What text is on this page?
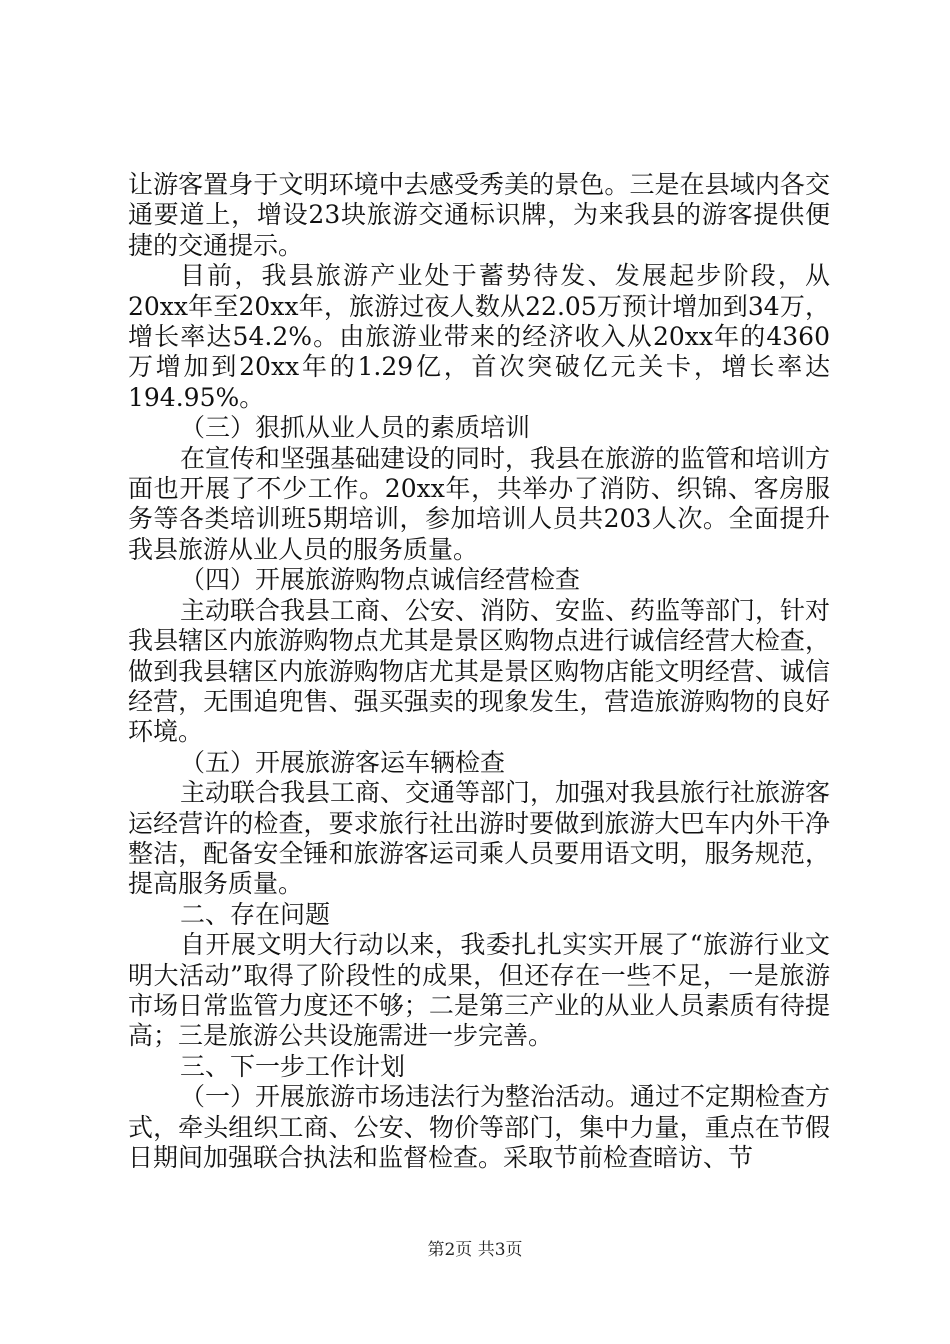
让游客置身于文明环境中去感受秀美的景色。三是在县域内各交通要道上，增设23块旅游交通标识牌，为来我县的游客提供便捷的交通提示。

目前，我县旅游产业处于蓄势待发、发展起步阶段，从20xx年至20xx年，旅游过夜人数从22.05万预计增加到34万，增长率达54.2%。由旅游业带来的经济收入从20xx年的4360万增加到20xx年的1.29亿，首次突破亿元关卡，增长率达194.95%。

（三）狠抓从业人员的素质培训

在宣传和坚强基础建设的同时，我县在旅游的监管和培训方面也开展了不少工作。20xx年，共举办了消防、织锦、客房服务等各类培训班5期培训，参加培训人员共203人次。全面提升我县旅游从业人员的服务质量。

（四）开展旅游购物点诚信经营检查

主动联合我县工商、公安、消防、安监、药监等部门，针对我县辖区内旅游购物点尤其是景区购物点进行诚信经营大检查，做到我县辖区内旅游购物店尤其是景区购物店能文明经营、诚信经营，无围追兜售、强买强卖的现象发生，营造旅游购物的良好环境。

（五）开展旅游客运车辆检查

主动联合我县工商、交通等部门，加强对我县旅行社旅游客运经营许的检查，要求旅行社出游时要做到旅游大巴车内外干净整洁，配备安全锤和旅游客运司乘人员要用语文明，服务规范，提高服务质量。

二、存在问题

自开展文明大行动以来，我委扎扎实实开展了“旅游行业文明大活动”取得了阶段性的成果，但还存在一些不足，一是旅游市场日常监管力度还不够；二是第三产业的从业人员素质有待提高；三是旅游公共设施需进一步完善。

三、下一步工作计划

（一）开展旅游市场违法行为整治活动。通过不定期检查方式，牵头组织工商、公安、物价等部门，集中力量，重点在节假日期间加强联合执法和监督检查。采取节前检查暗访、节

第2页 共3页
